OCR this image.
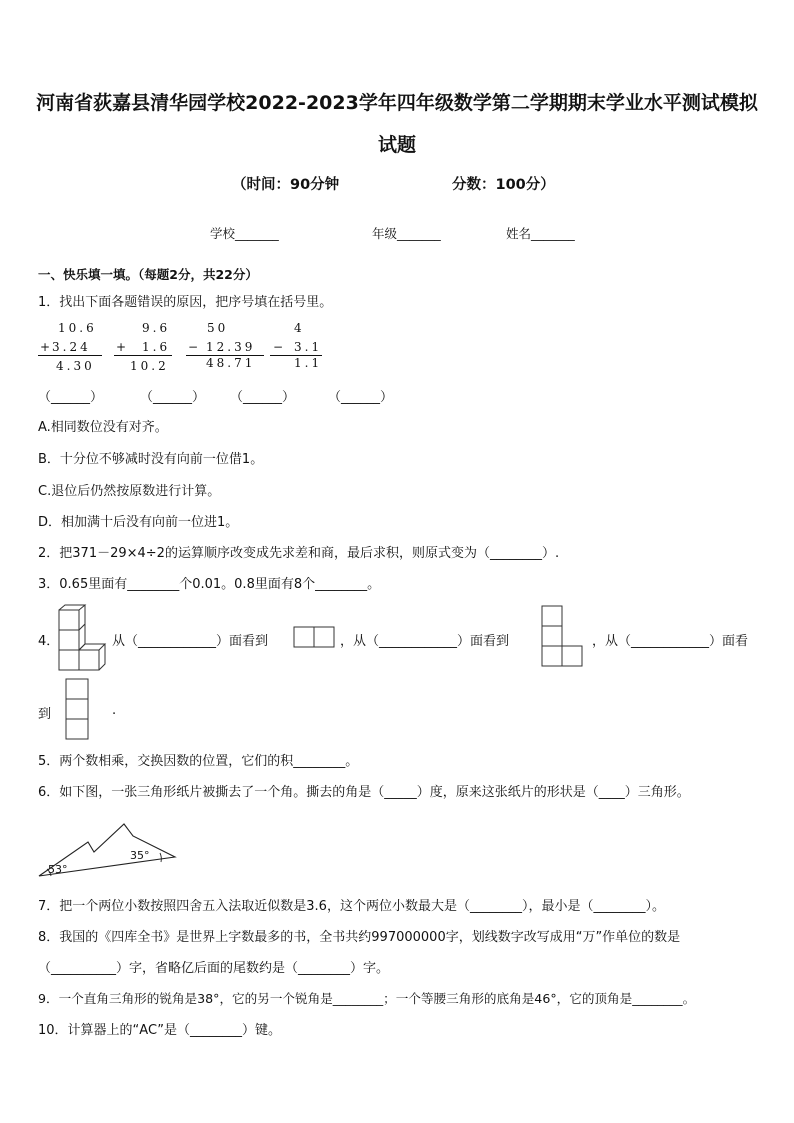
河南省荻嘉县清华园学校2022-2023学年四年级数学第二学期期末学业水平测试模拟
试题
（时间：90分钟	分数：100分）
学校_______	年级_______	姓名_______
一、快乐填一填。（每题2分，共22分）
1．找出下面各题错误的原因，把序号填在括号里。
10.6
+
3.24
4.30
9.6
+ 1.6
10.2
50
− 12.39
48.71
4
− 3.1
1.1
（______）	（______） （______）	（______）
A.相同数位没有对齐。
B．十分位不够减时没有向前一位借1。
C.退位后仍然按原数进行计算。
D．相加满十后没有向前一位进1。
2．把371－29×4÷2的运算顺序改变成先求差和商，最后求积，则原式变为（________）.
3．0.65里面有________个0.01。0.8里面有8个________。
4．	从（____________）面看到	，从（____________）面看到	，从（____________）面看
到	.
5．两个数相乘，交换因数的位置，它们的积________。
6．如下图，一张三角形纸片被撕去了一个角。撕去的角是（_____）度，原来这张纸片的形状是（____）三角形。
53°
35°
7．把一个两位小数按照四舍五入法取近似数是3.6，这个两位小数最大是（________），最小是（________）。
8．我国的《四库全书》是世界上字数最多的书，全书共约997000000字，划线数字改写成用“万”作单位的数是
（__________）字，省略亿后面的尾数约是（________）字。
9．一个直角三角形的锐角是38°，它的另一个锐角是________；一个等腰三角形的底角是46°，它的顶角是________。
10．计算器上的“AC”是（________）键。
